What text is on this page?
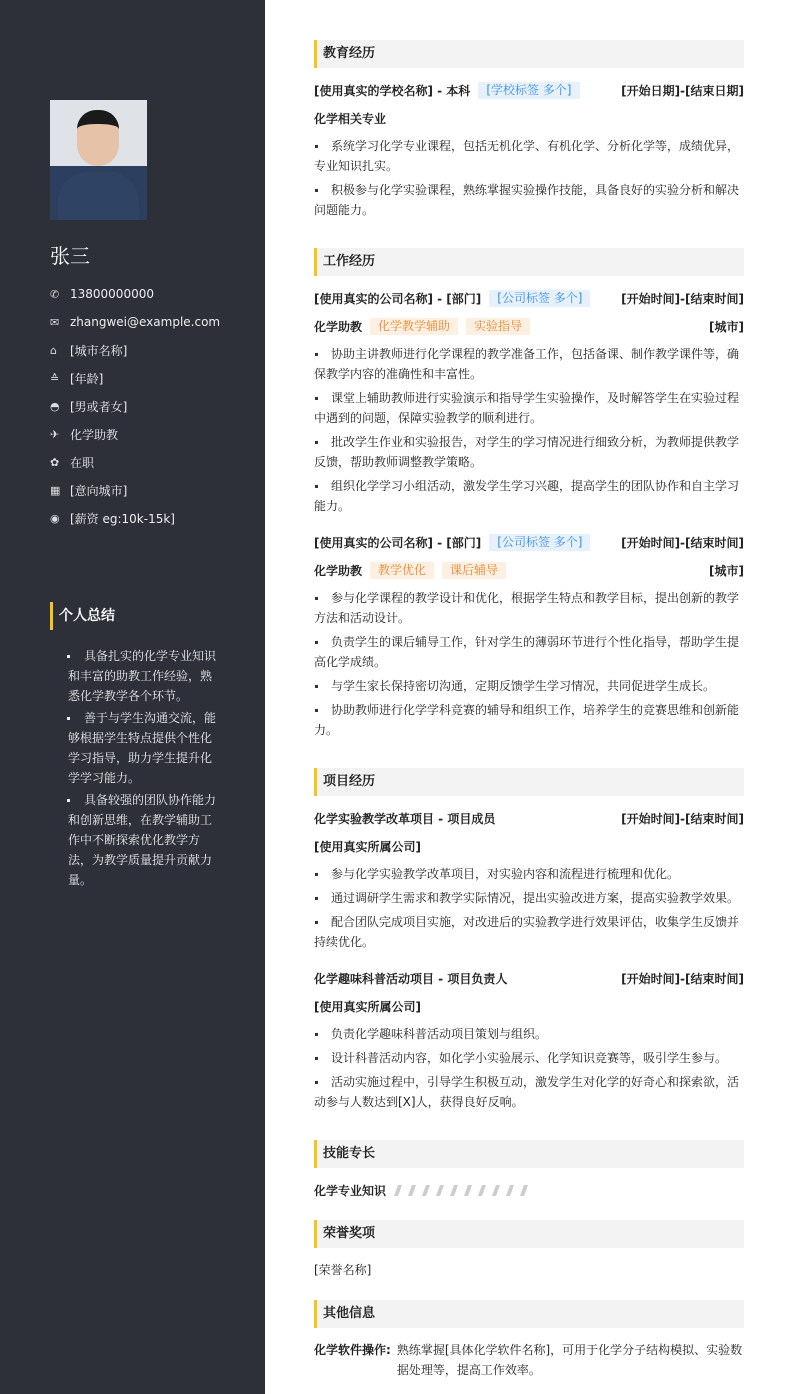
张三
✆ 13800000000
✉ zhangwei@example.com
⌂	[城市名称]
≙ [年龄]
◓ [男或者女]
✈ 化学助教
✿ 在职
▦ [意向城市]
◉ [薪资 eg:10k-15k]
个人总结
具备扎实的化学专业知识和丰富的助教工作经验，熟悉化学教学各个环节。
善于与学生沟通交流，能够根据学生特点提供个性化学习指导，助力学生提升化学学习能力。
具备较强的团队协作能力和创新思维，在教学辅助工作中不断探索优化教学方法，为教学质量提升贡献力量。
教育经历
[使用真实的学校名称] - 本科	[学校标签 多个]	[开始日期]-[结束日期]
化学相关专业
系统学习化学专业课程，包括无机化学、有机化学、分析化学等，成绩优异，专业知识扎实。
积极参与化学实验课程，熟练掌握实验操作技能，具备良好的实验分析和解决问题能力。
工作经历
[使用真实的公司名称] - [部门]	[公司标签 多个]	[开始时间]-[结束时间]
化学助教	化学教学辅助	实验指导	[城市]
协助主讲教师进行化学课程的教学准备工作，包括备课、制作教学课件等，确保教学内容的准确性和丰富性。
课堂上辅助教师进行实验演示和指导学生实验操作，及时解答学生在实验过程中遇到的问题，保障实验教学的顺利进行。
批改学生作业和实验报告，对学生的学习情况进行细致分析，为教师提供教学反馈，帮助教师调整教学策略。
组织化学学习小组活动，激发学生学习兴趣，提高学生的团队协作和自主学习能力。
[使用真实的公司名称] - [部门]	[公司标签 多个]	[开始时间]-[结束时间]
化学助教	教学优化	课后辅导	[城市]
参与化学课程的教学设计和优化，根据学生特点和教学目标，提出创新的教学方法和活动设计。
负责学生的课后辅导工作，针对学生的薄弱环节进行个性化指导，帮助学生提高化学成绩。
与学生家长保持密切沟通，定期反馈学生学习情况，共同促进学生成长。
协助教师进行化学学科竞赛的辅导和组织工作，培养学生的竞赛思维和创新能力。
项目经历
化学实验教学改革项目 - 项目成员	[开始时间]-[结束时间]
[使用真实所属公司]
参与化学实验教学改革项目，对实验内容和流程进行梳理和优化。
通过调研学生需求和教学实际情况，提出实验改进方案，提高实验教学效果。
配合团队完成项目实施，对改进后的实验教学进行效果评估，收集学生反馈并持续优化。
化学趣味科普活动项目 - 项目负责人	[开始时间]-[结束时间]
[使用真实所属公司]
负责化学趣味科普活动项目策划与组织。
设计科普活动内容，如化学小实验展示、化学知识竞赛等，吸引学生参与。
活动实施过程中，引导学生积极互动，激发学生对化学的好奇心和探索欲，活动参与人数达到[X]人，获得良好反响。
技能专长
化学专业知识
荣誉奖项
[荣誉名称]
其他信息
化学软件操作: 熟练掌握[具体化学软件名称]，可用于化学分子结构模拟、实验数据处理等，提高工作效率。
